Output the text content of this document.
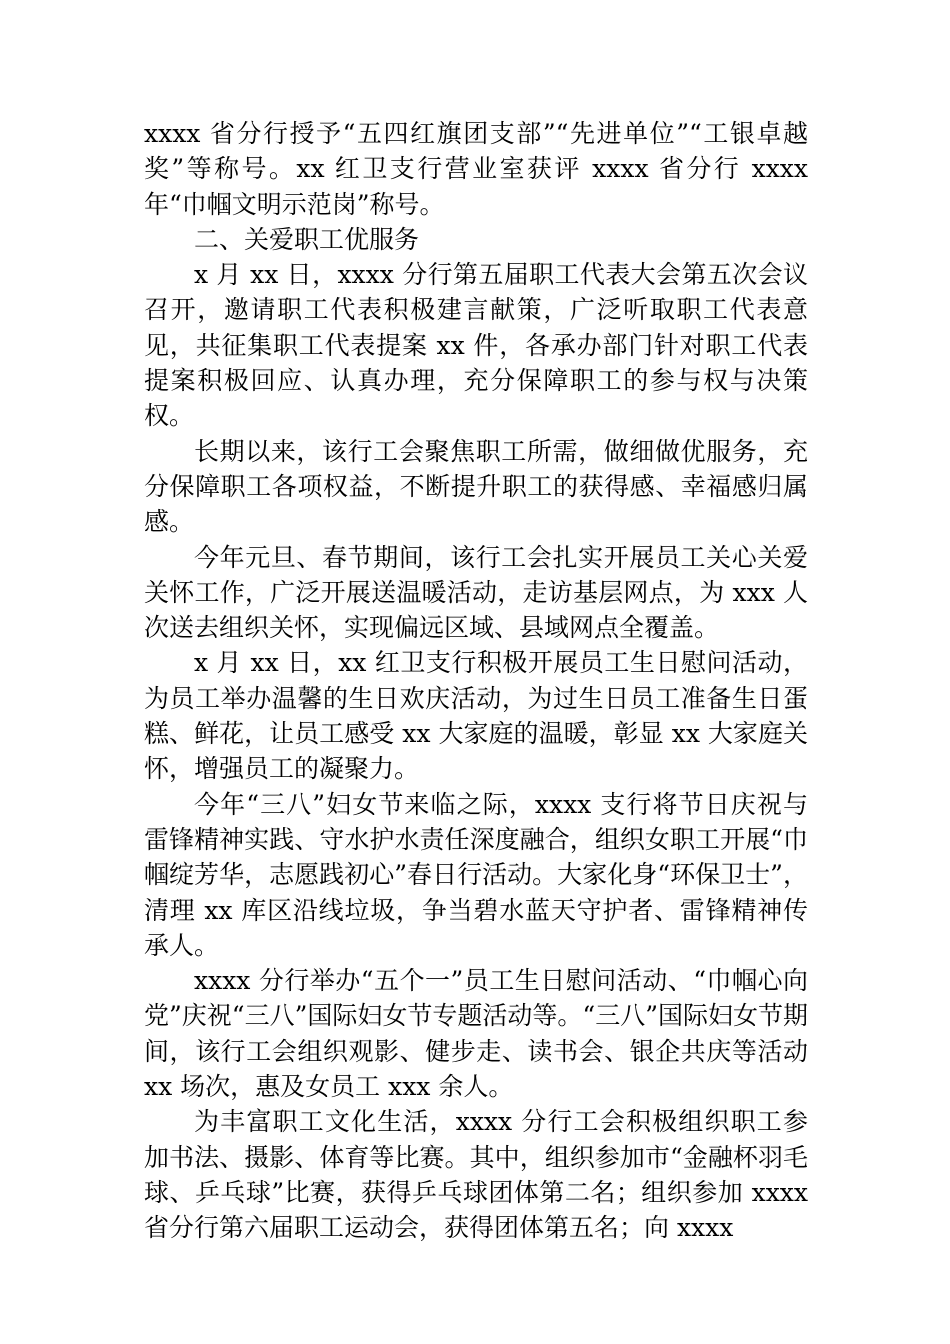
xxxx 省分行授予“五四红旗团支部”“先进单位”“工银卓越奖”等称号。xx 红卫支行营业室获评 xxxx 省分行 xxxx 年“巾帼文明示范岗”称号。

二、关爱职工优服务

x 月 xx 日，xxxx 分行第五届职工代表大会第五次会议召开，邀请职工代表积极建言献策，广泛听取职工代表意见，共征集职工代表提案 xx 件，各承办部门针对职工代表提案积极回应、认真办理，充分保障职工的参与权与决策权。

长期以来，该行工会聚焦职工所需，做细做优服务，充分保障职工各项权益，不断提升职工的获得感、幸福感归属感。

今年元旦、春节期间，该行工会扎实开展员工关心关爱关怀工作，广泛开展送温暖活动，走访基层网点，为 xxx 人次送去组织关怀，实现偏远区域、县域网点全覆盖。

x 月 xx 日，xx 红卫支行积极开展员工生日慰问活动，为员工举办温馨的生日欢庆活动，为过生日员工准备生日蛋糕、鲜花，让员工感受 xx 大家庭的温暖，彰显 xx 大家庭关怀，增强员工的凝聚力。

今年“三八”妇女节来临之际，xxxx 支行将节日庆祝与雷锋精神实践、守水护水责任深度融合，组织女职工开展“巾帼绽芳华，志愿践初心”春日行活动。大家化身“环保卫士”，清理 xx 库区沿线垃圾，争当碧水蓝天守护者、雷锋精神传承人。

xxxx 分行举办“五个一”员工生日慰问活动、“巾帼心向党”庆祝“三八”国际妇女节专题活动等。“三八”国际妇女节期间，该行工会组织观影、健步走、读书会、银企共庆等活动 xx 场次，惠及女员工 xxx 余人。

为丰富职工文化生活，xxxx 分行工会积极组织职工参加书法、摄影、体育等比赛。其中，组织参加市“金融杯羽毛球、乒乓球”比赛，获得乒乓球团体第二名；组织参加 xxxx 省分行第六届职工运动会，获得团体第五名；向 xxxx
